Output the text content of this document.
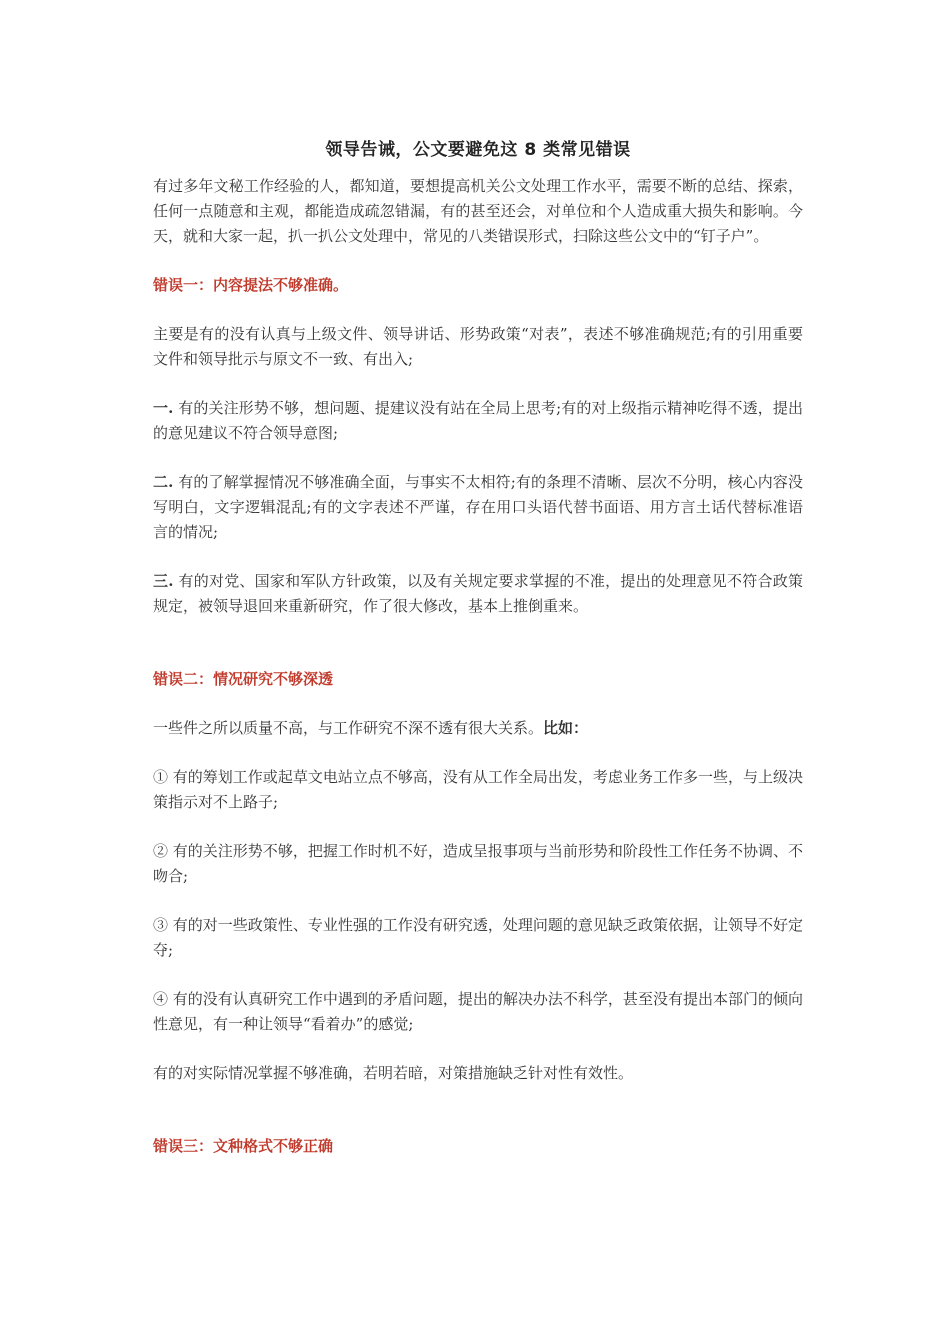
领导告诫，公文要避免这 8 类常见错误

有过多年文秘工作经验的人，都知道，要想提高机关公文处理工作水平，需要不断的总结、探索，任何一点随意和主观，都能造成疏忽错漏，有的甚至还会，对单位和个人造成重大损失和影响。今天，就和大家一起，扒一扒公文处理中，常见的八类错误形式，扫除这些公文中的“钉子户”。

错误一：内容提法不够准确。

主要是有的没有认真与上级文件、领导讲话、形势政策“对表”，表述不够准确规范;有的引用重要文件和领导批示与原文不一致、有出入;

一. 有的关注形势不够，想问题、提建议没有站在全局上思考;有的对上级指示精神吃得不透，提出的意见建议不符合领导意图;

二. 有的了解掌握情况不够准确全面，与事实不太相符;有的条理不清晰、层次不分明，核心内容没写明白，文字逻辑混乱;有的文字表述不严谨，存在用口头语代替书面语、用方言土话代替标准语言的情况;

三. 有的对党、国家和军队方针政策，以及有关规定要求掌握的不准，提出的处理意见不符合政策规定，被领导退回来重新研究，作了很大修改，基本上推倒重来。

错误二：情况研究不够深透

一些件之所以质量不高，与工作研究不深不透有很大关系。比如：

① 有的筹划工作或起草文电站立点不够高，没有从工作全局出发，考虑业务工作多一些，与上级决策指示对不上路子;

② 有的关注形势不够，把握工作时机不好，造成呈报事项与当前形势和阶段性工作任务不协调、不吻合;

③ 有的对一些政策性、专业性强的工作没有研究透，处理问题的意见缺乏政策依据，让领导不好定夺;

④ 有的没有认真研究工作中遇到的矛盾问题，提出的解决办法不科学，甚至没有提出本部门的倾向性意见，有一种让领导“看着办”的感觉;

有的对实际情况掌握不够准确，若明若暗，对策措施缺乏针对性有效性。

错误三：文种格式不够正确
